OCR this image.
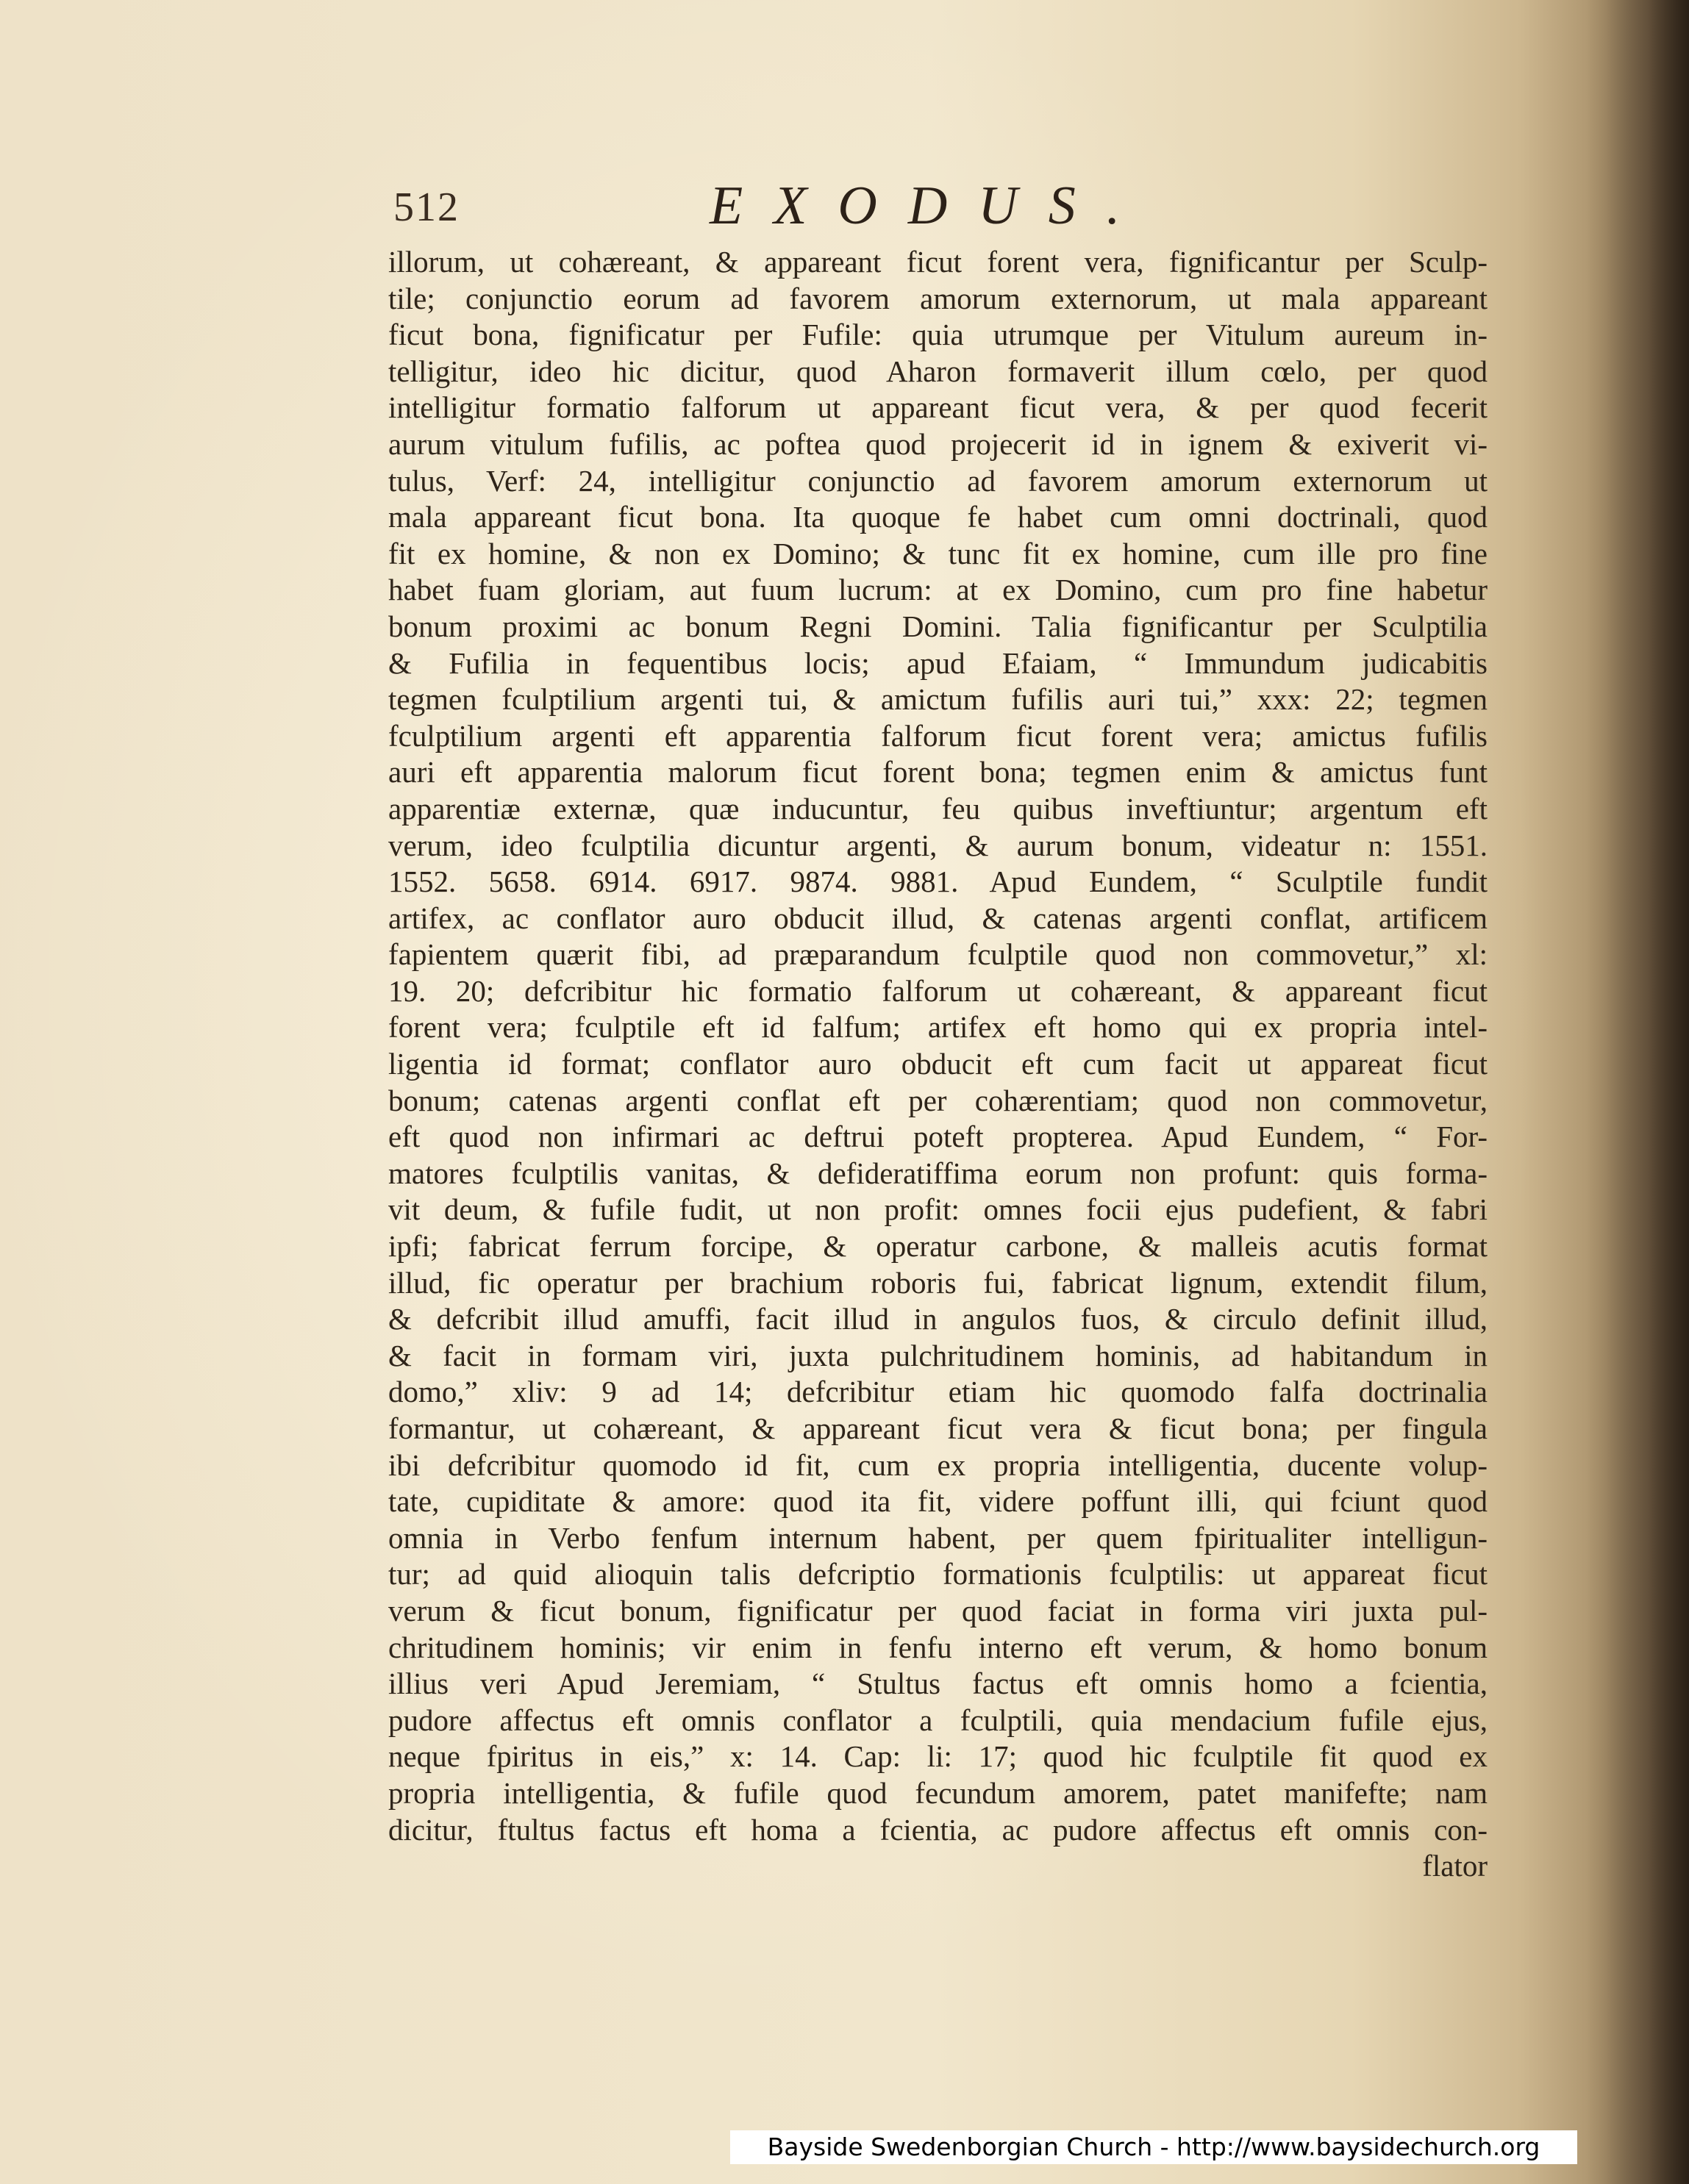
512	EXODUS.
illorum, ut cohæreant, & appareant ficut forent vera, fignificantur per Sculp-
tile; conjunctio eorum ad favorem amorum externorum, ut mala appareant
ficut bona, fignificatur per Fufile: quia utrumque per Vitulum aureum in-
telligitur, ideo hic dicitur, quod Aharon formaverit illum cœlo, per quod
intelligitur formatio falforum ut appareant ficut vera, & per quod fecerit
aurum vitulum fufilis, ac poftea quod projecerit id in ignem & exiverit vi-
tulus, Verf: 24, intelligitur conjunctio ad favorem amorum externorum ut
mala appareant ficut bona. Ita quoque fe habet cum omni doctrinali, quod
fit ex homine, & non ex Domino; & tunc fit ex homine, cum ille pro fine
habet fuam gloriam, aut fuum lucrum: at ex Domino, cum pro fine habetur
bonum proximi ac bonum Regni Domini. Talia fignificantur per Sculptilia
& Fufilia in fequentibus locis; apud Efaiam, “ Immundum judicabitis
tegmen fculptilium argenti tui, & amictum fufilis auri tui,” xxx: 22; tegmen
fculptilium argenti eft apparentia falforum ficut forent vera; amictus fufilis
auri eft apparentia malorum ficut forent bona; tegmen enim & amictus funt
apparentiæ externæ, quæ inducuntur, feu quibus inveftiuntur; argentum eft
verum, ideo fculptilia dicuntur argenti, & aurum bonum, videatur n: 1551.
1552. 5658. 6914. 6917. 9874. 9881. Apud Eundem, “ Sculptile fundit
artifex, ac conflator auro obducit illud, & catenas argenti conflat, artificem
fapientem quærit fibi, ad præparandum fculptile quod non commovetur,” xl:
19. 20; defcribitur hic formatio falforum ut cohæreant, & appareant ficut
forent vera; fculptile eft id falfum; artifex eft homo qui ex propria intel-
ligentia id format; conflator auro obducit eft cum facit ut appareat ficut
bonum; catenas argenti conflat eft per cohærentiam; quod non commovetur,
eft quod non infirmari ac deftrui poteft propterea. Apud Eundem, “ For-
matores fculptilis vanitas, & defideratiffima eorum non profunt: quis forma-
vit deum, & fufile fudit, ut non profit: omnes focii ejus pudefient, & fabri
ipfi; fabricat ferrum forcipe, & operatur carbone, & malleis acutis format
illud, fic operatur per brachium roboris fui, fabricat lignum, extendit filum,
& defcribit illud amuffi, facit illud in angulos fuos, & circulo definit illud,
& facit in formam viri, juxta pulchritudinem hominis, ad habitandum in
domo,” xliv: 9 ad 14; defcribitur etiam hic quomodo falfa doctrinalia
formantur, ut cohæreant, & appareant ficut vera & ficut bona; per fingula
ibi defcribitur quomodo id fit, cum ex propria intelligentia, ducente volup-
tate, cupiditate & amore: quod ita fit, videre poffunt illi, qui fciunt quod
omnia in Verbo fenfum internum habent, per quem fpiritualiter intelligun-
tur; ad quid alioquin talis defcriptio formationis fculptilis: ut appareat ficut
verum & ficut bonum, fignificatur per quod faciat in forma viri juxta pul-
chritudinem hominis; vir enim in fenfu interno eft verum, & homo bonum
illius veri Apud Jeremiam, “ Stultus factus eft omnis homo a fcientia,
pudore affectus eft omnis conflator a fculptili, quia mendacium fufile ejus,
neque fpiritus in eis,” x: 14. Cap: li: 17; quod hic fculptile fit quod ex
propria intelligentia, & fufile quod fecundum amorem, patet manifefte; nam
dicitur, ftultus factus eft homa a fcientia, ac pudore affectus eft omnis con-
flator
Bayside Swedenborgian Church - http://www.baysidechurch.org
